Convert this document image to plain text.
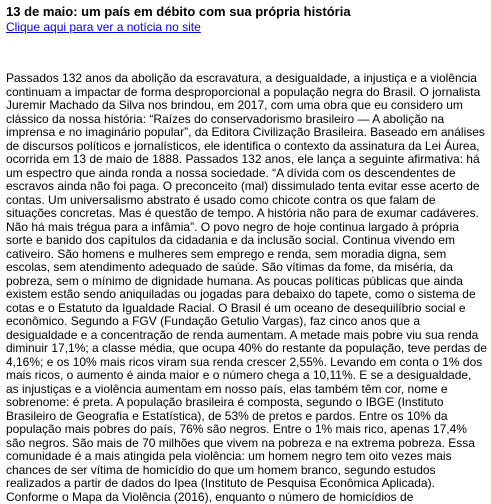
13 de maio: um país em débito com sua própria história
Clique aqui para ver a notícia no site

Passados 132 anos da abolição da escravatura, a desigualdade, a injustiça e a violência continuam a impactar de forma desproporcional a população negra do Brasil. O jornalista Juremir Machado da Silva nos brindou, em 2017, com uma obra que eu considero um clássico da nossa história: “Raízes do conservadorismo brasileiro — A abolição na imprensa e no imaginário popular”, da Editora Civilização Brasileira. Baseado em análises de discursos políticos e jornalísticos, ele identifica o contexto da assinatura da Lei Áurea, ocorrida em 13 de maio de 1888. Passados 132 anos, ele lança a seguinte afirmativa: há um espectro que ainda ronda a nossa sociedade. “A dívida com os descendentes de escravos ainda não foi paga. O preconceito (mal) dissimulado tenta evitar esse acerto de contas. Um universalismo abstrato é usado como chicote contra os que falam de situações concretas. Mas é questão de tempo. A história não para de exumar cadáveres. Não há mais trégua para a infâmia”. O povo negro de hoje continua largado à própria sorte e banido dos capítulos da cidadania e da inclusão social. Continua vivendo em cativeiro. São homens e mulheres sem emprego e renda, sem moradia digna, sem escolas, sem atendimento adequado de saúde. São vítimas da fome, da miséria, da pobreza, sem o mínimo de dignidade humana. As poucas políticas públicas que ainda existem estão sendo aniquiladas ou jogadas para debaixo do tapete, como o sistema de cotas e o Estatuto da Igualdade Racial. O Brasil é um oceano de desequilíbrio social e econômico. Segundo a FGV (Fundação Getulio Vargas), faz cinco anos que a desigualdade e a concentração de renda aumentam. A metade mais pobre viu sua renda diminuir 17,1%; a classe média, que ocupa 40% do restante da população, teve perdas de 4,16%; e os 10% mais ricos viram sua renda crescer 2,55%. Levando em conta o 1% dos mais ricos, o aumento é ainda maior e o número chega a 10,11%. E se a desigualdade, as injustiças e a violência aumentam em nosso país, elas também têm cor, nome e sobrenome: é preta. A população brasileira é composta, segundo o IBGE (Instituto Brasileiro de Geografia e Estatística), de 53% de pretos e pardos. Entre os 10% da população mais pobres do país, 76% são negros. Entre o 1% mais rico, apenas 17,4% são negros. São mais de 70 milhões que vivem na pobreza e na extrema pobreza. Essa comunidade é a mais atingida pela violência: um homem negro tem oito vezes mais chances de ser vítima de homicídio do que um homem branco, segundo estudos realizados a partir de dados do Ipea (Instituto de Pesquisa Econômica Aplicada). Conforme o Mapa da Violência (2016), enquanto o número de homicídios de
